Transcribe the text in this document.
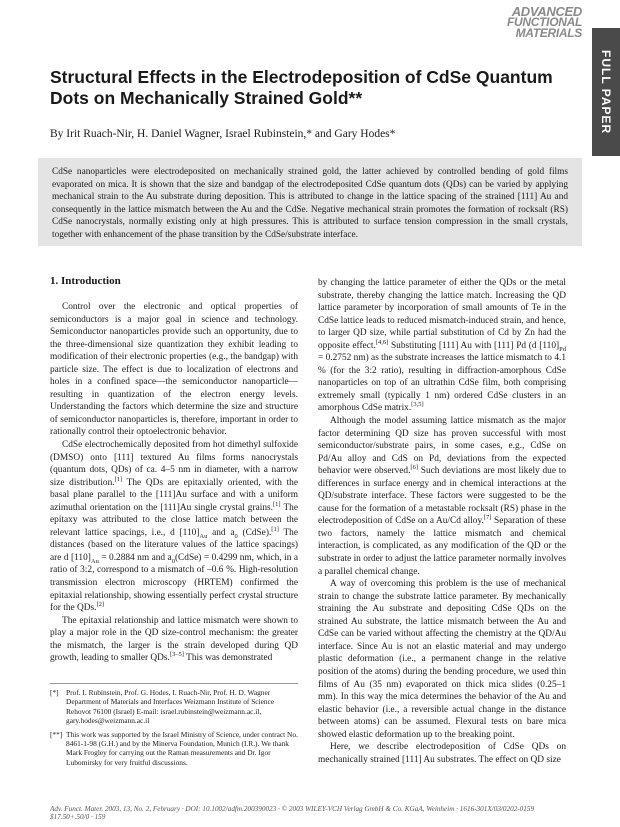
ADVANCED
FUNCTIONAL
MATERIALS
FULL PAPER
Structural Effects in the Electrodeposition of CdSe Quantum Dots on Mechanically Strained Gold**
By Irit Ruach-Nir, H. Daniel Wagner, Israel Rubinstein,* and Gary Hodes*
CdSe nanoparticles were electrodeposited on mechanically strained gold, the latter achieved by controlled bending of gold films evaporated on mica. It is shown that the size and bandgap of the electrodeposited CdSe quantum dots (QDs) can be varied by applying mechanical strain to the Au substrate during deposition. This is attributed to change in the lattice spacing of the strained [111] Au and consequently in the lattice mismatch between the Au and the CdSe. Negative mechanical strain promotes the formation of rocksalt (RS) CdSe nanocrystals, normally existing only at high pressures. This is attributed to surface tension compression in the small crystals, together with enhancement of the phase transition by the CdSe/substrate interface.
1. Introduction

Control over the electronic and optical properties of semiconductors is a major goal in science and technology. Semiconductor nanoparticles provide such an opportunity, due to the three-dimensional size quantization they exhibit leading to modification of their electronic properties (e.g., the bandgap) with particle size. The effect is due to localization of electrons and holes in a confined space—the semiconductor nanoparticle—resulting in quantization of the electron energy levels. Understanding the factors which determine the size and structure of semiconductor nanoparticles is, therefore, important in order to rationally control their optoelectronic behavior.

CdSe electrochemically deposited from hot dimethyl sulfoxide (DMSO) onto [111] textured Au films forms nanocrystals (quantum dots, QDs) of ca. 4–5 nm in diameter, with a narrow size distribution.[1] The QDs are epitaxially oriented, with the basal plane parallel to the [111]Au surface and with a uniform azimuthal orientation on the [111]Au single crystal grains.[1] The epitaxy was attributed to the close lattice match between the relevant lattice spacings, i.e., d $[110]_{Au}$ and $a_0$ (CdSe).[1] The distances (based on the literature values of the lattice spacings) are d $[110]_{Au} = 0.2884$ nm and $a_0(CdSe) = 0.4299$ nm, which, in a ratio of 3:2, correspond to a mismatch of –0.6 %. High-resolution transmission electron microscopy (HRTEM) confirmed the epitaxial relationship, showing essentially perfect crystal structure for the QDs.[2]

The epitaxial relationship and lattice mismatch were shown to play a major role in the QD size-control mechanism: the greater the mismatch, the larger is the strain developed during QD growth, leading to smaller QDs.[3–5] This was demonstrated

by changing the lattice parameter of either the QDs or the metal substrate, thereby changing the lattice match. Increasing the QD lattice parameter by incorporation of small amounts of Te in the CdSe lattice leads to reduced mismatch-induced strain, and hence, to larger QD size, while partial substitution of Cd by Zn had the opposite effect.[4,6] Substituting [111] Au with [111] Pd (d $[110]_{Pd} = 0.2752$ nm) as the substrate increases the lattice mismatch to 4.1 % (for the 3:2 ratio), resulting in diffraction-amorphous CdSe nanoparticles on top of an ultrathin CdSe film, both comprising extremely small (typically 1 nm) ordered CdSe clusters in an amorphous CdSe matrix.[3,5]

Although the model assuming lattice mismatch as the major factor determining QD size has proven successful with most semiconductor/substrate pairs, in some cases, e.g., CdSe on Pd/Au alloy and CdS on Pd, deviations from the expected behavior were observed.[6] Such deviations are most likely due to differences in surface energy and in chemical interactions at the QD/substrate interface. These factors were suggested to be the cause for the formation of a metastable rocksalt (RS) phase in the electrodeposition of CdSe on a Au/Cd alloy.[7] Separation of these two factors, namely the lattice mismatch and chemical interaction, is complicated, as any modification of the QD or the substrate in order to adjust the lattice parameter normally involves a parallel chemical change.

A way of overcoming this problem is the use of mechanical strain to change the substrate lattice parameter. By mechanically straining the Au substrate and depositing CdSe QDs on the strained Au substrate, the lattice mismatch between the Au and CdSe can be varied without affecting the chemistry at the QD/Au interface. Since Au is not an elastic material and may undergo plastic deformation (i.e., a permanent change in the relative position of the atoms) during the bending procedure, we used thin films of Au (35 nm) evaporated on thick mica slides (0.25–1 mm). In this way the mica determines the behavior of the Au and elastic behavior (i.e., a reversible actual change in the distance between atoms) can be assumed. Flexural tests on bare mica showed elastic deformation up to the breaking point.

Here, we describe electrodeposition of CdSe QDs on mechanically strained [111] Au substrates. The effect on QD size

[*] Prof. I. Rubinstein, Prof. G. Hodes, I. Ruach-Nir, Prof. H. D. Wagner Department of Materials and Interfaces Weizmann Institute of Science Rehovot 76100 (Israel) E-mail: israel.rubinstein@weizmann.ac.il, gary.hodes@weizmann.ac.il
[**] This work was supported by the Israel Ministry of Science, under contract No. 8461-1-98 (G.H.) and by the Minerva Foundation, Munich (I.R.). We thank Mark Frogley for carrying out the Raman measurements and Dr. Igor Lubomirsky for very fruitful discussions.
Adv. Funct. Mater. 2003, 13, No. 2, February · DOI: 10.1002/adfm.200390023 · © 2003 WILEY-VCH Verlag GmbH & Co. KGaA, Weinheim · 1616-301X/03/0202-0159 $17.50+.50/0 · 159
